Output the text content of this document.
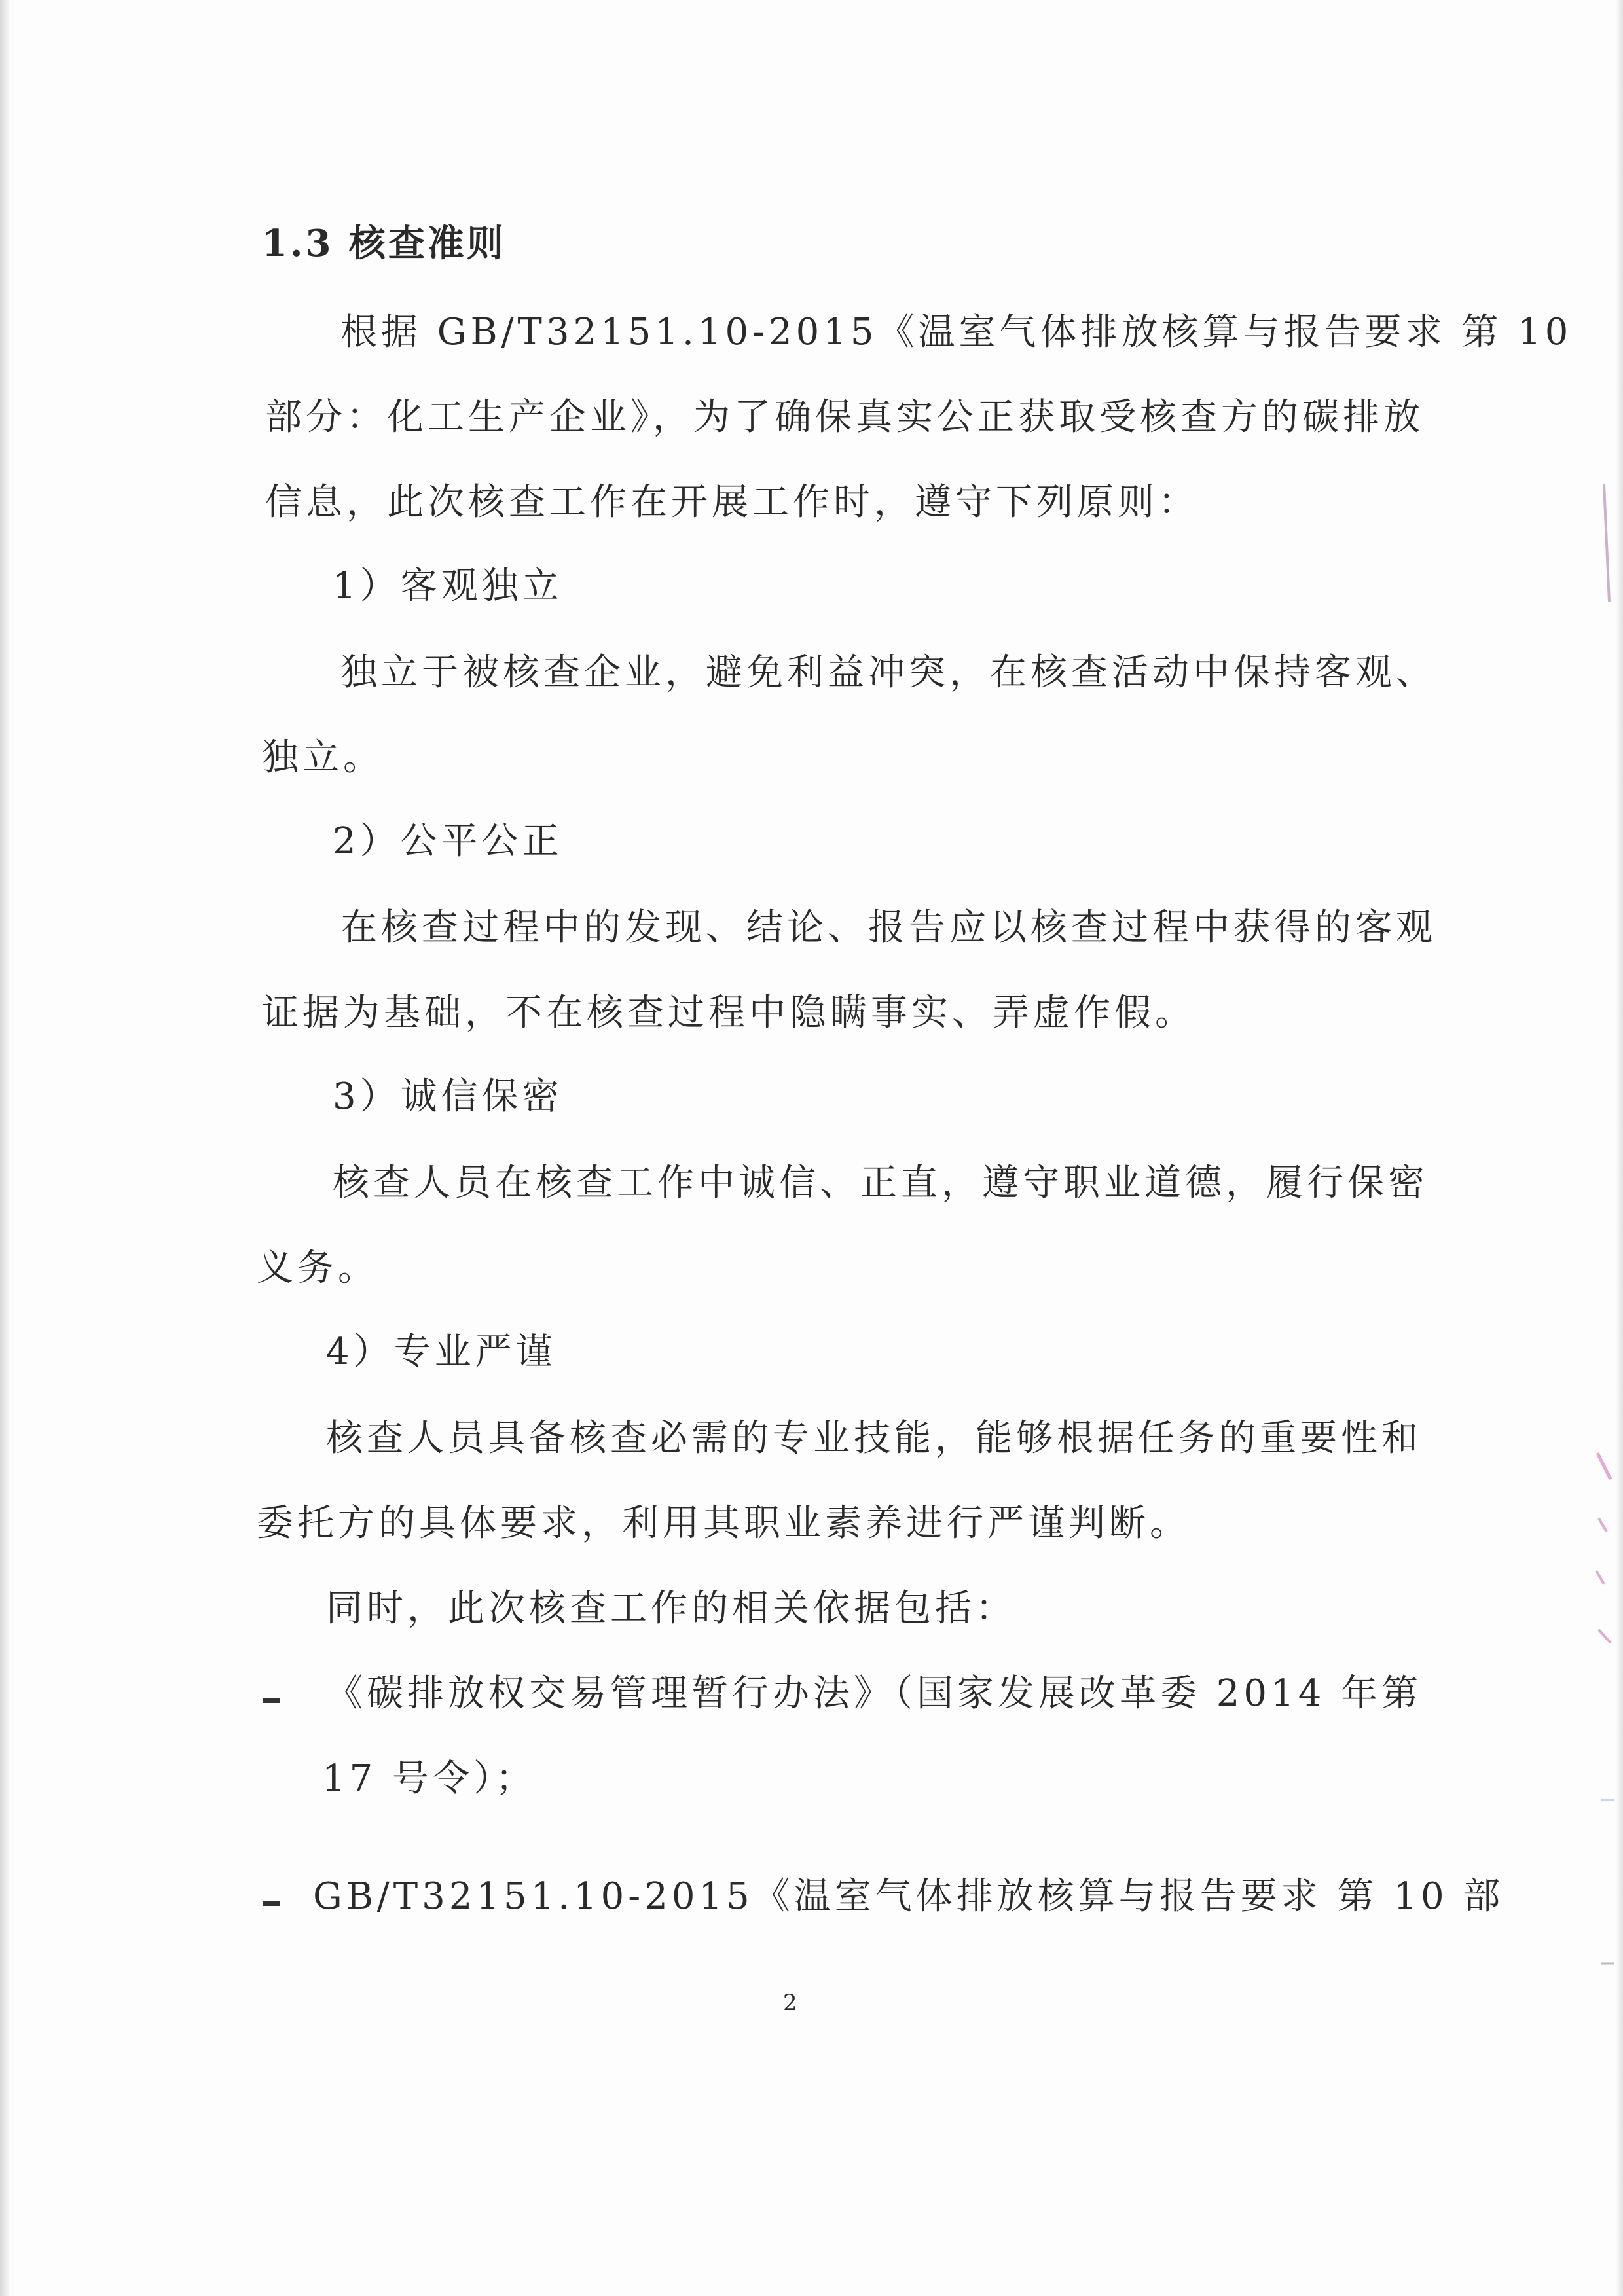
1.3 核查准则
根据 GB/T32151.10-2015《温室气体排放核算与报告要求 第 10
部分：化工生产企业》，为了确保真实公正获取受核查方的碳排放
信息，此次核查工作在开展工作时，遵守下列原则：
1）客观独立
独立于被核查企业，避免利益冲突，在核查活动中保持客观、
独立。
2）公平公正
在核查过程中的发现、结论、报告应以核查过程中获得的客观
证据为基础，不在核查过程中隐瞒事实、弄虚作假。
3）诚信保密
核查人员在核查工作中诚信、正直，遵守职业道德，履行保密
义务。
4）专业严谨
核查人员具备核查必需的专业技能，能够根据任务的重要性和
委托方的具体要求，利用其职业素养进行严谨判断。
同时，此次核查工作的相关依据包括：
《碳排放权交易管理暂行办法》（国家发展改革委 2014 年第
17 号令）；
GB/T32151.10-2015《温室气体排放核算与报告要求 第 10 部
2
